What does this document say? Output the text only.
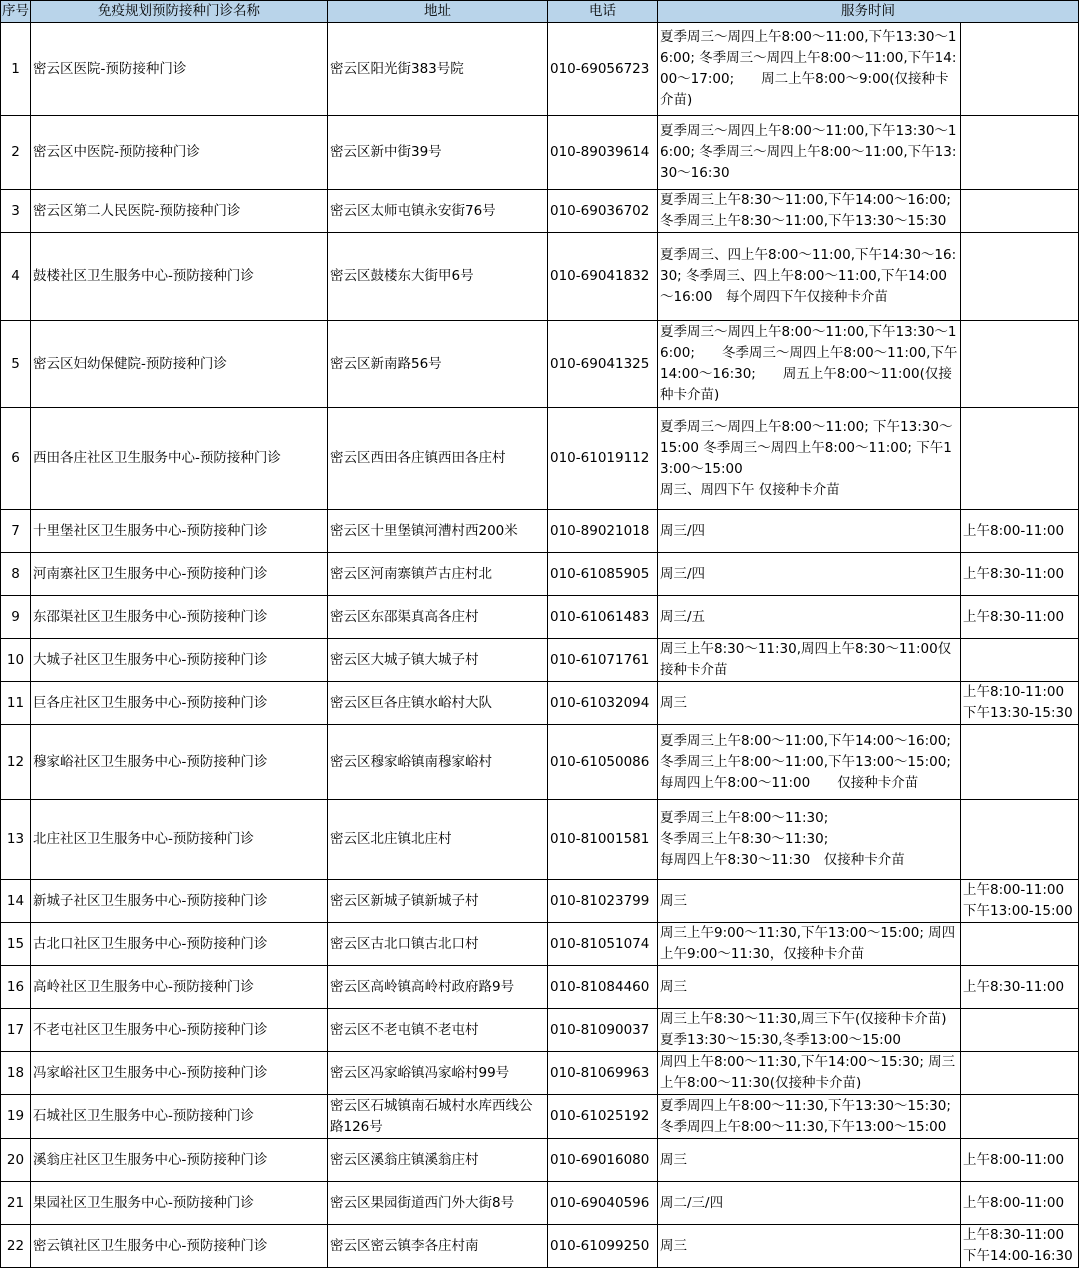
序号	免疫规划预防接种门诊名称	地址	电话	服务时间	
1	密云区医院-预防接种门诊	密云区阳光街383号院	010-69056723	夏季周三～周四上午8:00～11:00,下午13:30～16:00; 冬季周三～周四上午8:00～11:00,下午14:00～17:00;　　周二上午8:00～9:00(仅接种卡介苗)	
2	密云区中医院-预防接种门诊	密云区新中街39号	010-89039614	夏季周三～周四上午8:00～11:00,下午13:30～16:00; 冬季周三～周四上午8:00～11:00,下午13:30～16:30	
3	密云区第二人民医院-预防接种门诊	密云区太师屯镇永安街76号	010-69036702	夏季周三上午8:30～11:00,下午14:00～16:00;冬季周三上午8:30～11:00,下午13:30～15:30	
4	鼓楼社区卫生服务中心-预防接种门诊	密云区鼓楼东大街甲6号	010-69041832	夏季周三、四上午8:00～11:00,下午14:30～16:30; 冬季周三、四上午8:00～11:00,下午14:00～16:00　每个周四下午仅接种卡介苗	
5	密云区妇幼保健院-预防接种门诊	密云区新南路56号	010-69041325	夏季周三～周四上午8:00～11:00,下午13:30～16:00;　　冬季周三～周四上午8:00～11:00,下午14:00～16:30;　　周五上午8:00～11:00(仅接种卡介苗)	
6	西田各庄社区卫生服务中心-预防接种门诊	密云区西田各庄镇西田各庄村	010-61019112	夏季周三～周四上午8:00～11:00; 下午13:30～15:00 冬季周三～周四上午8:00～11:00; 下午13:00～15:00
周三、周四下午 仅接种卡介苗	
7	十里堡社区卫生服务中心-预防接种门诊	密云区十里堡镇河漕村西200米	010-89021018	周三/四	上午8:00-11:00
8	河南寨社区卫生服务中心-预防接种门诊	密云区河南寨镇芦古庄村北	010-61085905	周三/四	上午8:30-11:00
9	东邵渠社区卫生服务中心-预防接种门诊	密云区东邵渠真高各庄村	010-61061483	周三/五	上午8:30-11:00
10	大城子社区卫生服务中心-预防接种门诊	密云区大城子镇大城子村	010-61071761	周三上午8:30～11:30,周四上午8:30～11:00仅接种卡介苗	
11	巨各庄社区卫生服务中心-预防接种门诊	密云区巨各庄镇水峪村大队	010-61032094	周三	上午8:10-11:00
下午13:30-15:30
12	穆家峪社区卫生服务中心-预防接种门诊	密云区穆家峪镇南穆家峪村	010-61050086	夏季周三上午8:00～11:00,下午14:00～16:00;
冬季周三上午8:00～11:00,下午13:00～15:00;
每周四上午8:00～11:00　　仅接种卡介苗	
13	北庄社区卫生服务中心-预防接种门诊	密云区北庄镇北庄村	010-81001581	夏季周三上午8:00～11:30;
冬季周三上午8:30～11:30;
每周四上午8:30～11:30　仅接种卡介苗	
14	新城子社区卫生服务中心-预防接种门诊	密云区新城子镇新城子村	010-81023799	周三	上午8:00-11:00
下午13:00-15:00
15	古北口社区卫生服务中心-预防接种门诊	密云区古北口镇古北口村	010-81051074	周三上午9:00～11:30,下午13:00～15:00; 周四上午9:00～11:30，仅接种卡介苗	
16	高岭社区卫生服务中心-预防接种门诊	密云区高岭镇高岭村政府路9号	010-81084460	周三	上午8:30-11:00
17	不老屯社区卫生服务中心-预防接种门诊	密云区不老屯镇不老屯村	010-81090037	周三上午8:30～11:30,周三下午(仅接种卡介苗)夏季13:30～15:30,冬季13:00～15:00	
18	冯家峪社区卫生服务中心-预防接种门诊	密云区冯家峪镇冯家峪村99号	010-81069963	周四上午8:00～11:30,下午14:00～15:30; 周三上午8:00～11:30(仅接种卡介苗)	
19	石城社区卫生服务中心-预防接种门诊	密云区石城镇南石城村水库西线公路126号	010-61025192	夏季周四上午8:00～11:30,下午13:30～15:30;
冬季周四上午8:00～11:30,下午13:00～15:00	
20	溪翁庄社区卫生服务中心-预防接种门诊	密云区溪翁庄镇溪翁庄村	010-69016080	周三	上午8:00-11:00
21	果园社区卫生服务中心-预防接种门诊	密云区果园街道西门外大街8号	010-69040596	周二/三/四	上午8:00-11:00
22	密云镇社区卫生服务中心-预防接种门诊	密云区密云镇李各庄村南	010-61099250	周三	上午8:30-11:00
下午14:00-16:30
